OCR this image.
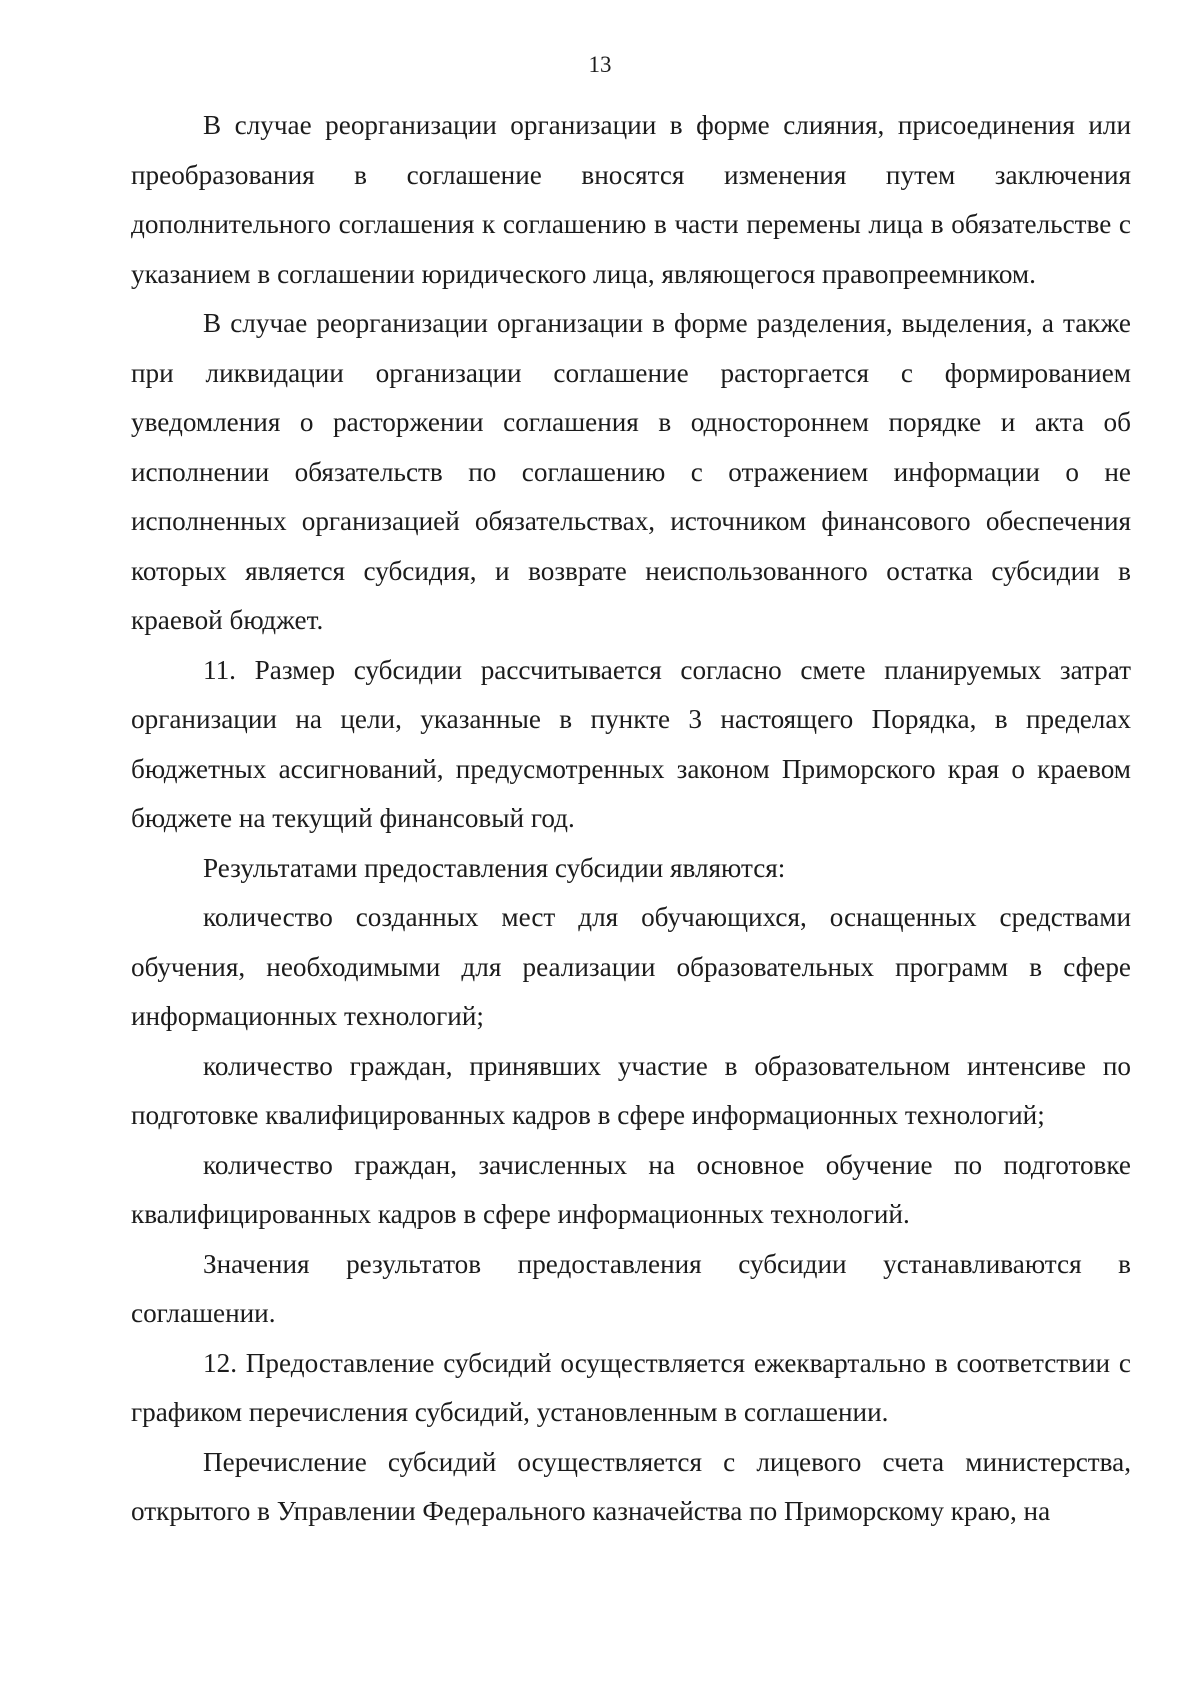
13

В случае реорганизации организации в форме слияния, присоединения или преобразования в соглашение вносятся изменения путем заключения дополнительного соглашения к соглашению в части перемены лица в обязательстве с указанием в соглашении юридического лица, являющегося правопреемником.

В случае реорганизации организации в форме разделения, выделения, а также при ликвидации организации соглашение расторгается с формированием уведомления о расторжении соглашения в одностороннем порядке и акта об исполнении обязательств по соглашению с отражением информации о не исполненных организацией обязательствах, источником финансового обеспечения которых является субсидия, и возврате неиспользованного остатка субсидии в краевой бюджет.

11. Размер субсидии рассчитывается согласно смете планируемых затрат организации на цели, указанные в пункте 3 настоящего Порядка, в пределах бюджетных ассигнований, предусмотренных законом Приморского края о краевом бюджете на текущий финансовый год.

Результатами предоставления субсидии являются:

количество созданных мест для обучающихся, оснащенных средствами обучения, необходимыми для реализации образовательных программ в сфере информационных технологий;

количество граждан, принявших участие в образовательном интенсиве по подготовке квалифицированных кадров в сфере информационных технологий;

количество граждан, зачисленных на основное обучение по подготовке квалифицированных кадров в сфере информационных технологий.

Значения результатов предоставления субсидии устанавливаются в соглашении.

12. Предоставление субсидий осуществляется ежеквартально в соответствии с графиком перечисления субсидий, установленным в соглашении.

Перечисление субсидий осуществляется с лицевого счета министерства, открытого в Управлении Федерального казначейства по Приморскому краю, на
